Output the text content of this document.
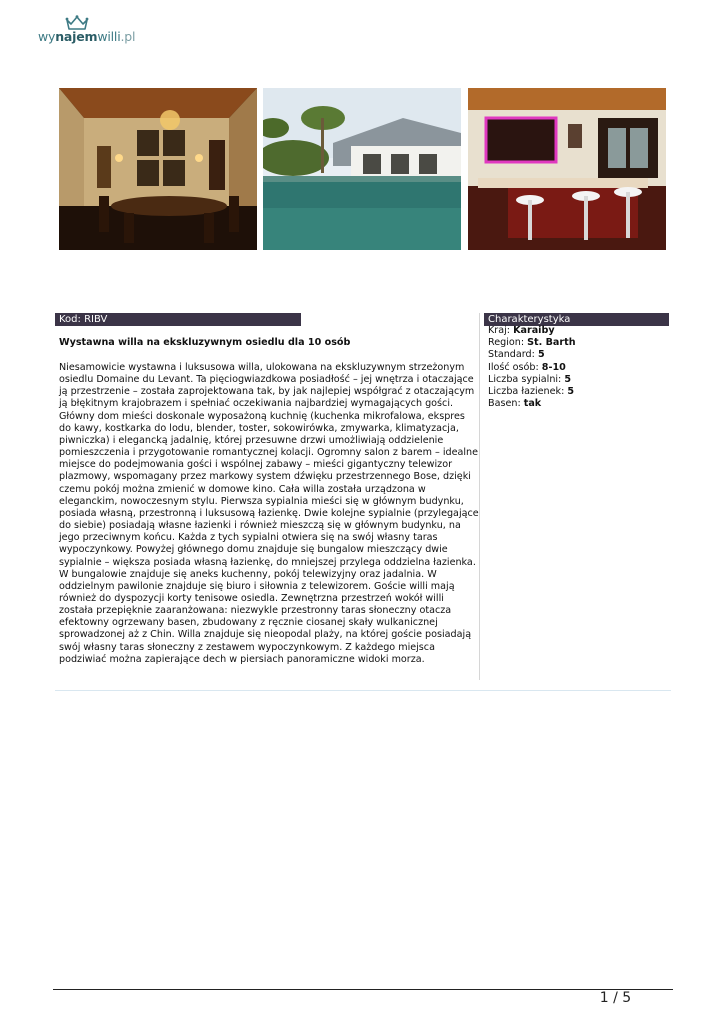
wynajemwilli.pl
Kod: RIBV
Wystawna willa na ekskluzywnym osiedlu dla 10 osób

Niesamowicie wystawna i luksusowa willa, ulokowana na ekskluzywnym strzeżonym osiedlu Domaine du Levant. Ta pięciogwiazdkowa posiadłość – jej wnętrza i otaczające ją przestrzenie – została zaprojektowana tak, by jak najlepiej współgrać z otaczającym ją błękitnym krajobrazem i spełniać oczekiwania najbardziej wymagających gości. Główny dom mieści doskonale wyposażoną kuchnię (kuchenka mikrofalowa, ekspres do kawy, kostkarka do lodu, blender, toster, sokowirówka, zmywarka, klimatyzacja, piwniczka) i elegancką jadalnię, której przesuwne drzwi umożliwiają oddzielenie pomieszczenia i przygotowanie romantycznej kolacji. Ogromny salon z barem – idealne miejsce do podejmowania gości i wspólnej zabawy – mieści gigantyczny telewizor plazmowy, wspomagany przez markowy system dźwięku przestrzennego Bose, dzięki czemu pokój można zmienić w domowe kino. Cała willa została urządzona w eleganckim, nowoczesnym stylu. Pierwsza sypialnia mieści się w głównym budynku, posiada własną, przestronną i luksusową łazienkę. Dwie kolejne sypialnie (przylegające do siebie) posiadają własne łazienki i również mieszczą się w głównym budynku, na jego przeciwnym końcu. Każda z tych sypialni otwiera się na swój własny taras wypoczynkowy. Powyżej głównego domu znajduje się bungalow mieszczący dwie sypialnie – większa posiada własną łazienkę, do mniejszej przylega oddzielna łazienka. W bungalowie znajduje się aneks kuchenny, pokój telewizyjny oraz jadalnia. W oddzielnym pawilonie znajduje się biuro i siłownia z telewizorem. Goście willi mają również do dyspozycji korty tenisowe osiedla. Zewnętrzna przestrzeń wokół willi została przepięknie zaaranżowana: niezwykle przestronny taras słoneczny otacza efektowny ogrzewany basen, zbudowany z ręcznie ciosanej skały wulkanicznej sprowadzonej aż z Chin. Willa znajduje się nieopodal plaży, na której goście posiadają swój własny taras słoneczny z zestawem wypoczynkowym. Z każdego miejsca podziwiać można zapierające dech w piersiach panoramiczne widoki morza.

Charakterystyka
Kraj: Karaiby
Region: St. Barth
Standard: 5
Ilość osób: 8-10
Liczba sypialni: 5
Liczba łazienek: 5
Basen: tak
1 / 5
